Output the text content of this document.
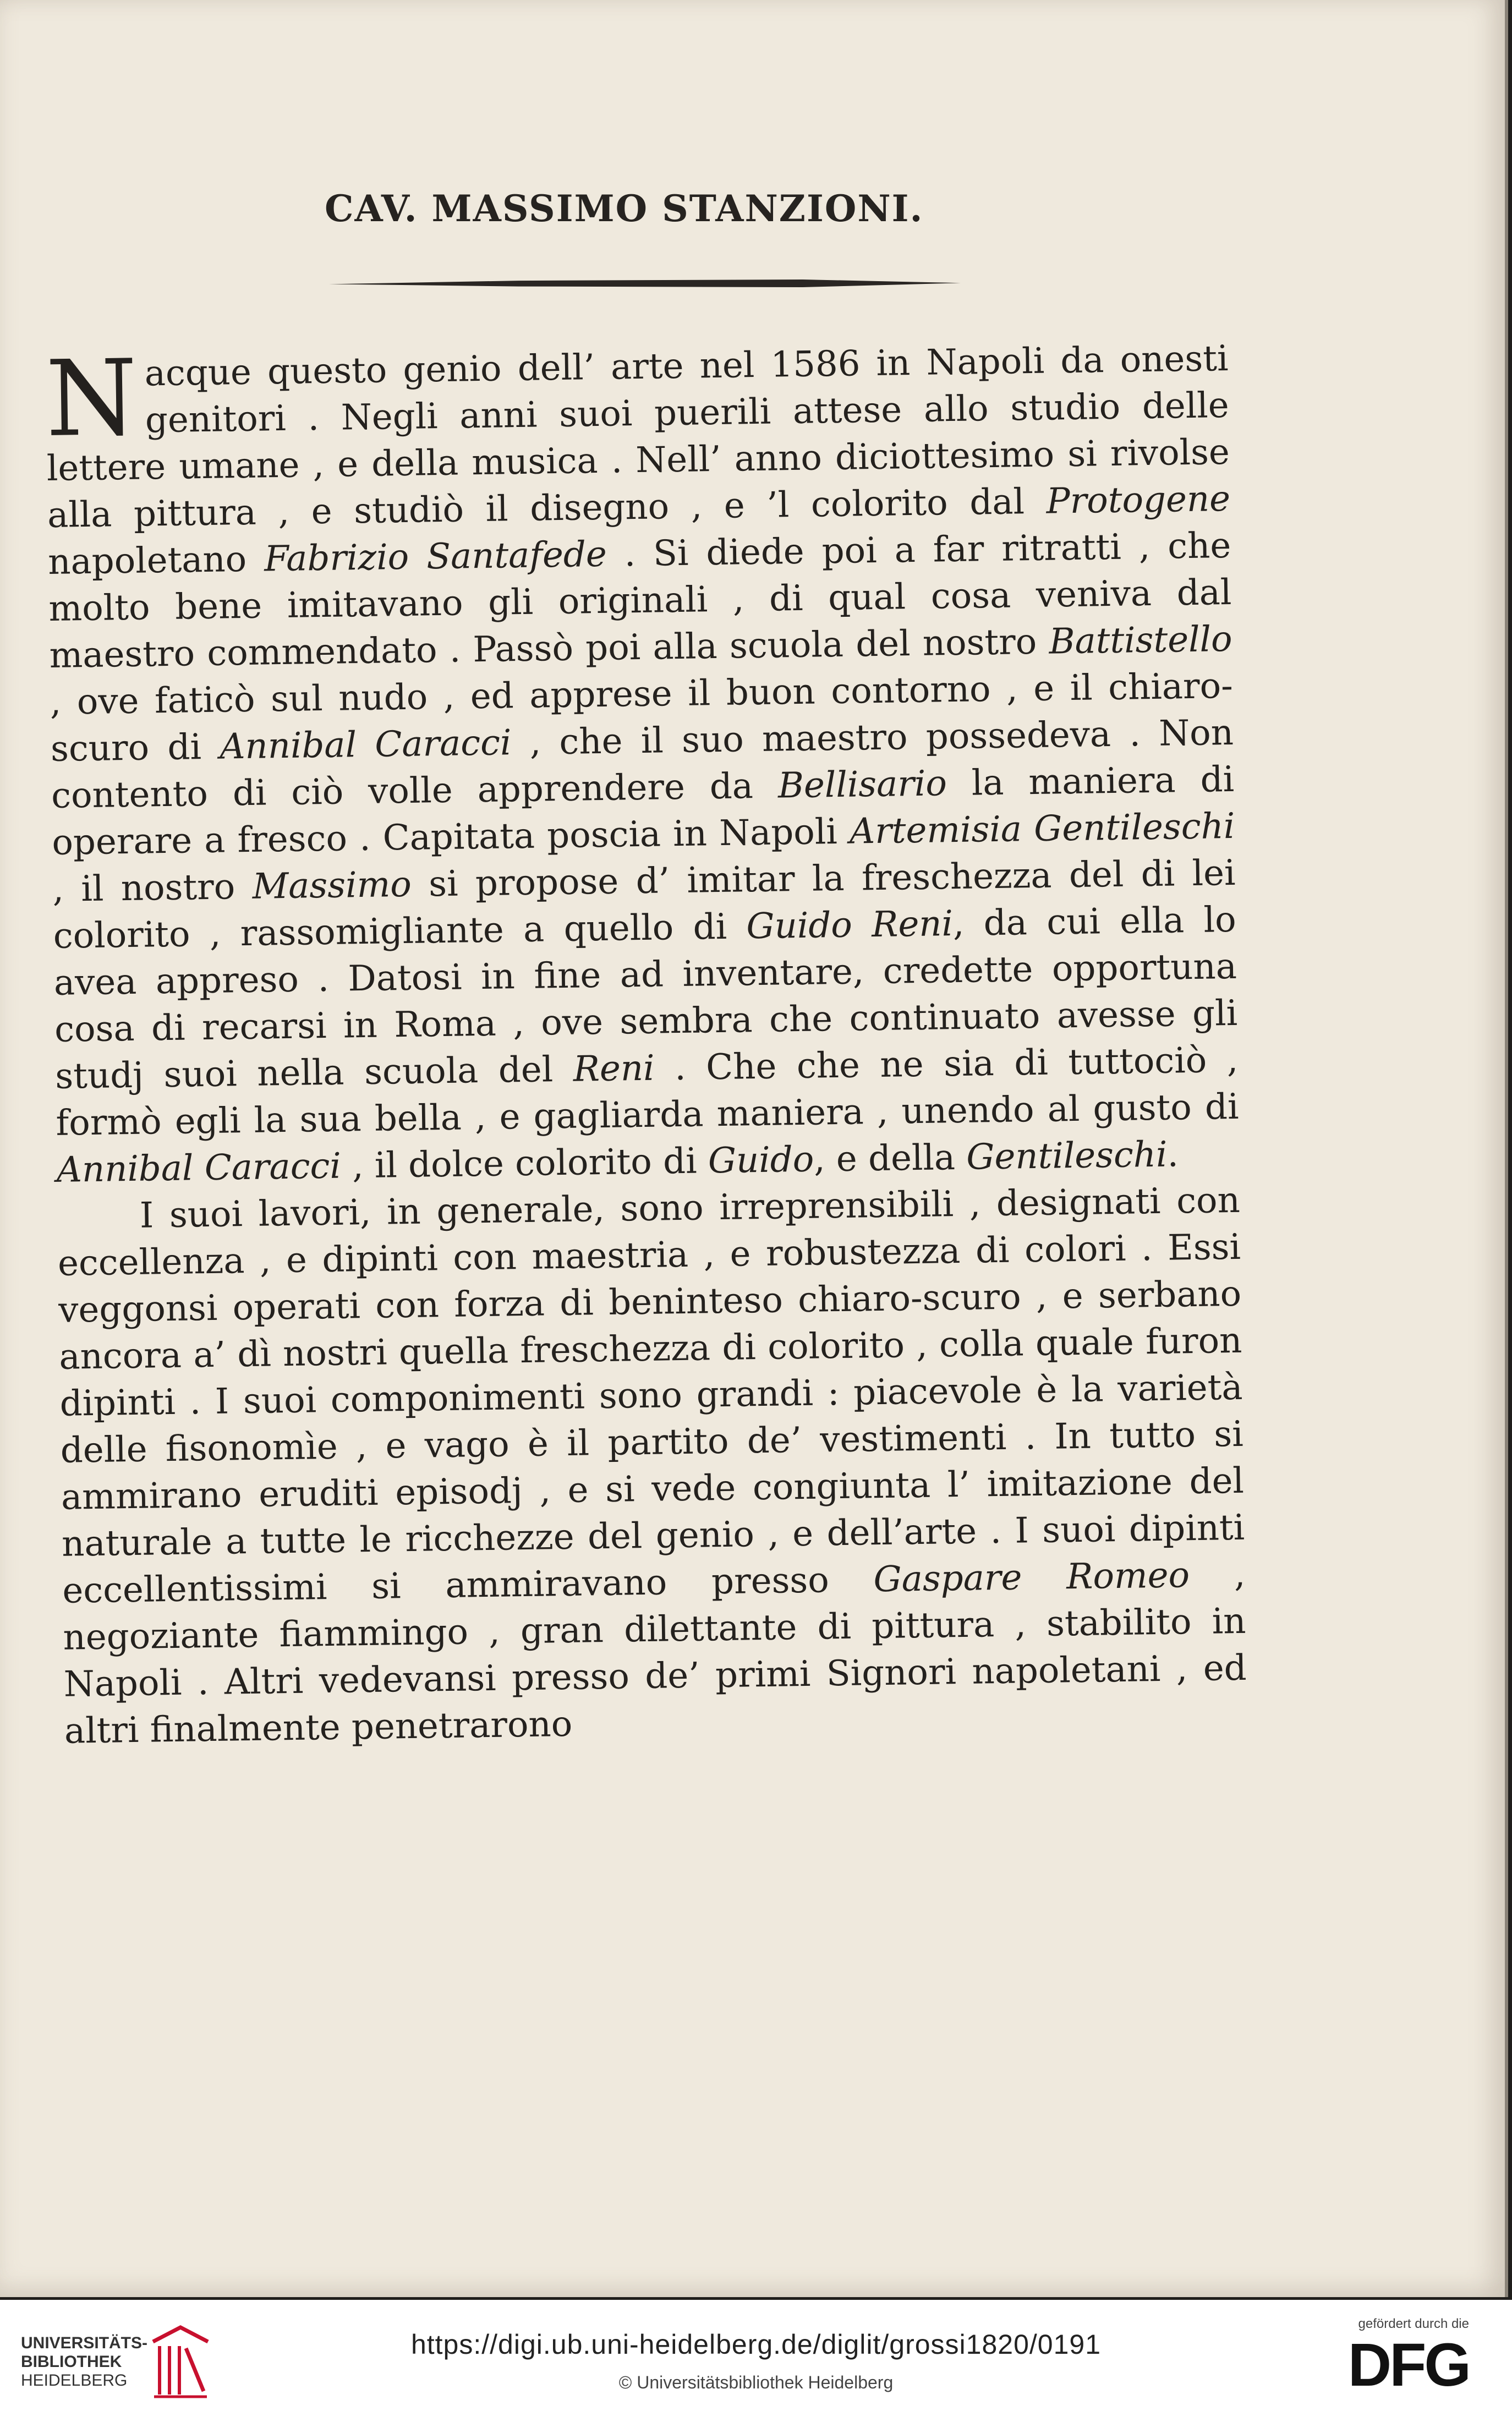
CAV. MASSIMO STANZIONI.

Nacque questo genio dell’ arte nel 1586 in Napoli da onesti genitori . Negli anni suoi puerili attese allo studio delle lettere umane , e della musica . Nell’ anno diciottesimo si rivolse alla pittura , e studiò il disegno , e ’l colorito dal Protogene napoletano Fabrizio Santafede . Si diede poi a far ritratti , che molto bene imitavano gli originali , di qual cosa veniva dal maestro commendato . Passò poi alla scuola del nostro Battistello , ove faticò sul nudo , ed apprese il buon contorno , e il chiaro-scuro di Annibal Caracci , che il suo maestro possedeva . Non contento di ciò volle apprendere da Bellisario la maniera di operare a fresco . Capitata poscia in Napoli Artemisia Gentileschi , il nostro Massimo si propose d’ imitar la freschezza del di lei colorito , rassomigliante a quello di Guido Reni, da cui ella lo avea appreso . Datosi in fine ad inventare, credette opportuna cosa di recarsi in Roma , ove sembra che continuato avesse gli studj suoi nella scuola del Reni . Che che ne sia di tuttociò , formò egli la sua bella , e gagliarda maniera , unendo al gusto di Annibal Caracci , il dolce colorito di Guido, e della Gentileschi.

I suoi lavori, in generale, sono irreprensibili , designati con eccellenza , e dipinti con maestria , e robustezza di colori . Essi veggonsi operati con forza di beninteso chiaro-scuro , e serbano ancora a’ dì nostri quella freschezza di colorito , colla quale furon dipinti . I suoi componimenti sono grandi : piacevole è la varietà delle fisonomìe , e vago è il partito de’ vestimenti . In tutto si ammirano eruditi episodj , e si vede congiunta l’ imitazione del naturale a tutte le ricchezze del genio , e dell’arte . I suoi dipinti eccellentissimi si ammiravano presso Gaspare Romeo , negoziante fiammingo , gran dilettante di pittura , stabilito in Napoli . Altri vedevansi presso de’ primi Signori napoletani , ed altri finalmente penetrarono

UNIVERSITÄTS-
BIBLIOTHEK
HEIDELBERG
https://digi.ub.uni-heidelberg.de/diglit/grossi1820/0191
© Universitätsbibliothek Heidelberg
gefördert durch die
DFG
